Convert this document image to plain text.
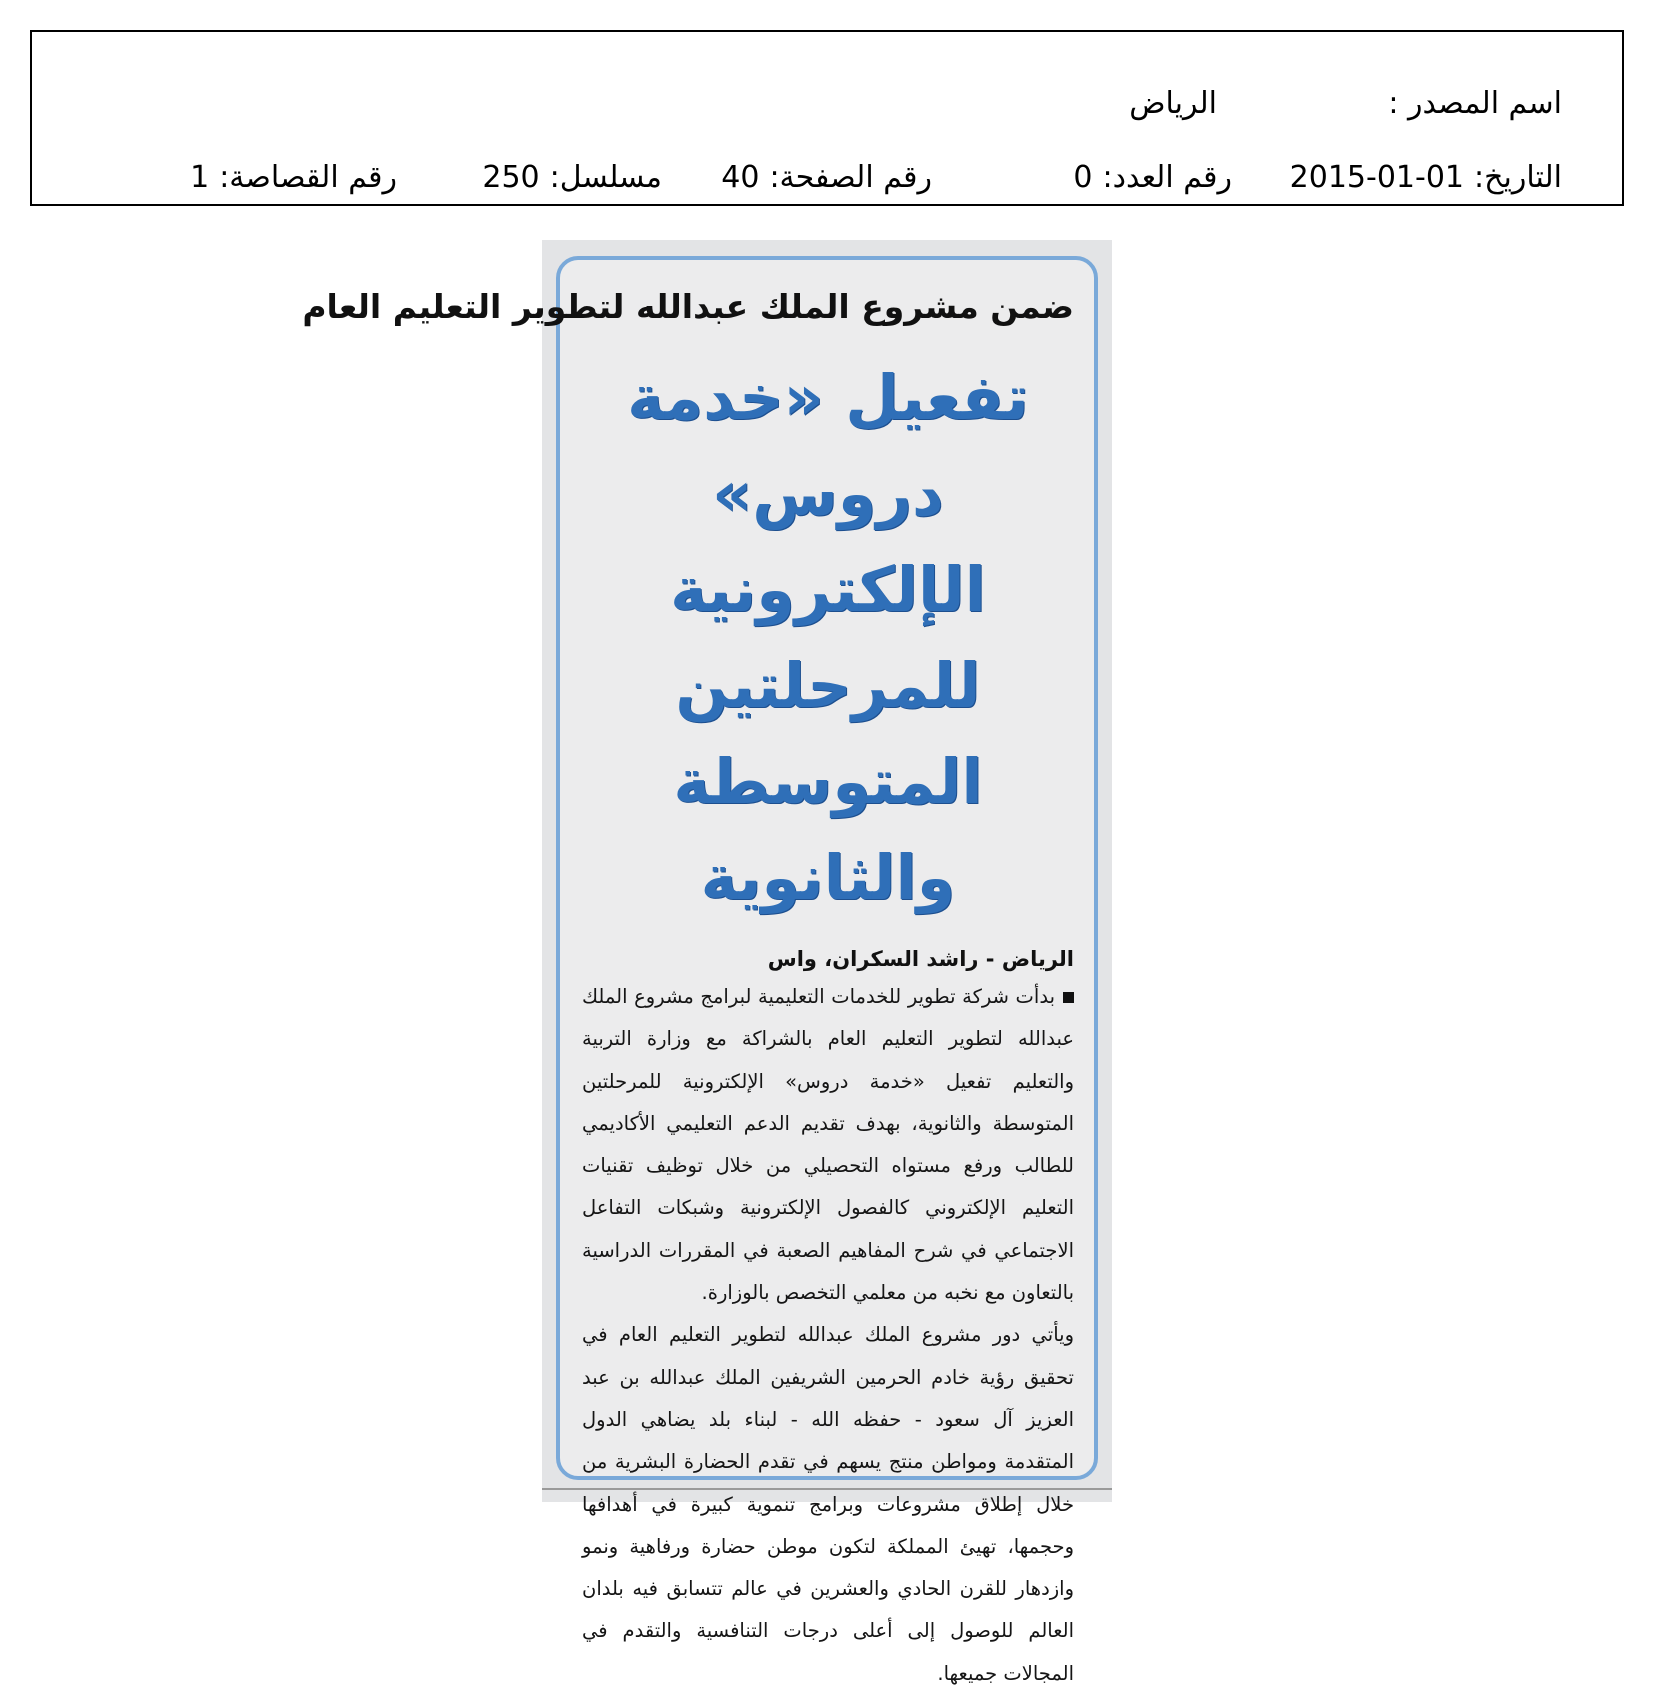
اسم المصدر :
الرياض
التاريخ:2015-01-01
رقم العدد:0
رقم الصفحة:40
مسلسل:250
رقم القصاصة:1
ضمن مشروع الملك عبدالله لتطوير التعليم العام
تفعيل «خدمة دروس» الإلكترونية للمرحلتين المتوسطة والثانوية
الرياض - راشد السكران، واس

بدأت شركة تطوير للخدمات التعليمية لبرامج مشروع الملك عبدالله لتطوير التعليم العام بالشراكة مع وزارة التربية والتعليم تفعيل «خدمة دروس» الإلكترونية للمرحلتين المتوسطة والثانوية، بهدف تقديم الدعم التعليمي الأكاديمي للطالب ورفع مستواه التحصيلي من خلال توظيف تقنيات التعليم الإلكتروني كالفصول الإلكترونية وشبكات التفاعل الاجتماعي في شرح المفاهيم الصعبة في المقررات الدراسية بالتعاون مع نخبه من معلمي التخصص بالوزارة.

ويأتي دور مشروع الملك عبدالله لتطوير التعليم العام في تحقيق رؤية خادم الحرمين الشريفين الملك عبدالله بن عبد العزيز آل سعود - حفظه الله - لبناء بلد يضاهي الدول المتقدمة ومواطن منتج يسهم في تقدم الحضارة البشرية من خلال إطلاق مشروعات وبرامج تنموية كبيرة في أهدافها وحجمها، تهيئ المملكة لتكون موطن حضارة ورفاهية ونمو وازدهار للقرن الحادي والعشرين في عالم تتسابق فيه بلدان العالم للوصول إلى أعلى درجات التنافسية والتقدم في المجالات جميعها.
